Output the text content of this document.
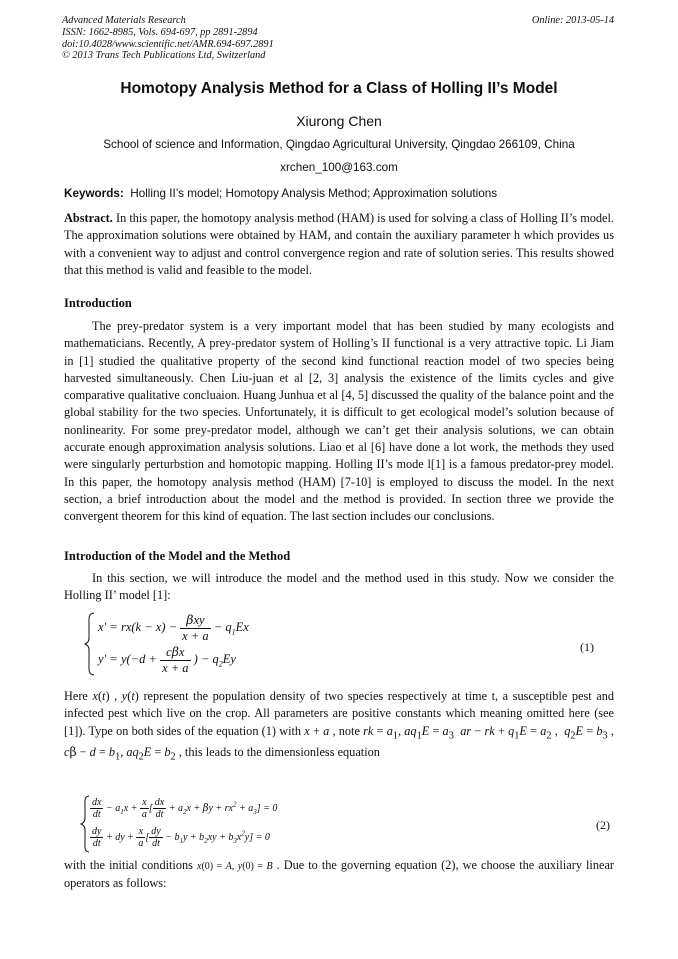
Advanced Materials Research
ISSN: 1662-8985, Vols. 694-697, pp 2891-2894
doi:10.4028/www.scientific.net/AMR.694-697.2891
© 2013 Trans Tech Publications Ltd, Switzerland
Online: 2013-05-14
Homotopy Analysis Method for a Class of Holling II’s Model
Xiurong Chen
School of science and Information, Qingdao Agricultural University, Qingdao 266109, China
xrchen_100@163.com
Keywords: Holling II’s model; Homotopy Analysis Method; Approximation solutions

Abstract. In this paper, the homotopy analysis method (HAM) is used for solving a class of Holling II’s model. The approximation solutions were obtained by HAM, and contain the auxiliary parameter h which provides us with a convenient way to adjust and control convergence region and rate of solution series. This results showed that this method is valid and feasible to the model.

Introduction

The prey-predator system is a very important model that has been studied by many ecologists and mathematicians. Recently, A prey-predator system of Holling’s II functional is a very attractive topic. Li Jiam in [1] studied the qualitative property of the second kind functional reaction model of two species being harvested simultaneously. Chen Liu-juan et al [2, 3] analysis the existence of the limits cycles and give comparative qualitative concluaion. Huang Junhua et al [4, 5] discussed the quality of the balance point and the global stability for the two species. Unfortunately, it is difficult to get ecological model’s solution because of nonlinearity. For some prey-predator model, although we can’t get their analysis solutions, we can obtain accurate enough approximation analysis solutions. Liao et al [6] have done a lot work, the methods they used were singularly perturbstion and homotopic mapping. Holling II’s mode l[1] is a famous predator-prey model. In this paper, the homotopy analysis method (HAM) [7-10] is employed to discuss the model. In the next section, a brief introduction about the model and the method is provided. In section three we provide the convergent theorem for this kind of equation. The last section includes our conclusions.

Introduction of the Model and the Method

In this section, we will introduce the model and the method used in this study. Now we consider the Holling II’ model [1]:

$x' = rx(k - x) - \frac{\text{βxy}}{x + a} - q_1Ex$
$y' = y(-d + \frac{\text{cβx}}{x + a}$ ) − $q_2Ey$
(1)

Here x(t) , y(t) represent the population density of two species respectively at time t, a susceptible pest and infected pest which live on the crop. All parameters are positive constants which meaning omitted here (see [1]). Type on both sides of the equation (1) with x + a , note rk = $a_1$, $aq_1E = a_3$ ar − rk + $q_1E = a_2$ ,  $q_2E = b_3$ , $c\beta - d = b_1$, $aq_2E = b_2$ , this leads to the dimensionless equation

$\frac{dx}{dt} - a_1x + \frac{x}{a}$ [ $\frac{dx}{dt} + a_2x + \beta y + rx^2 + a_3] = 0$
$\frac{dy}{dt}$ + dy + $\frac{x}{a}$ [ $\frac{dy}{dt} - b_1y + b_2xy + b_3x^2y] = 0$
(2)

with the initial conditions x(0) = A, y(0) = B . Due to the governing equation (2), we choose the auxiliary linear operators as follows:
